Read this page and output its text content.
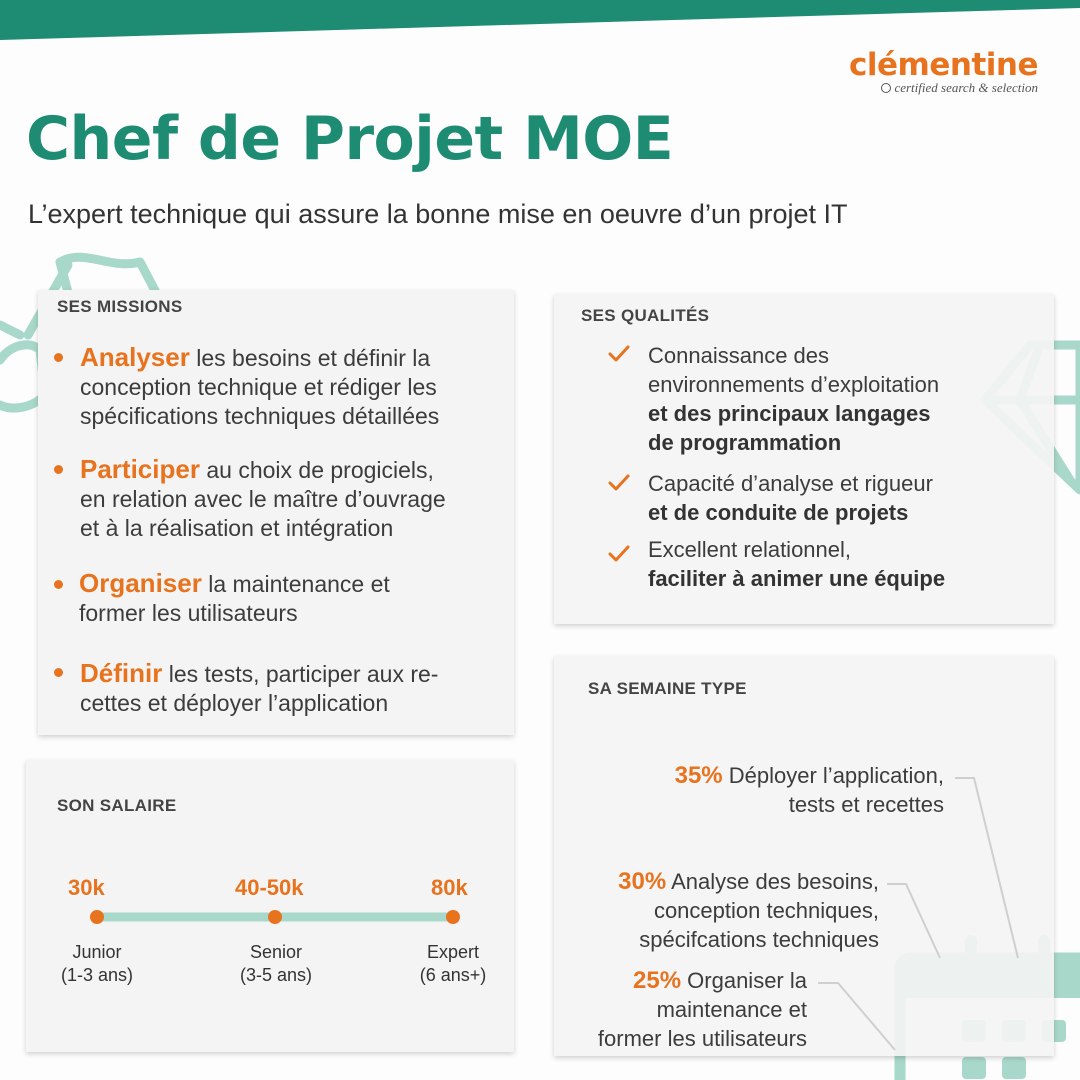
clémentine
certified search & selection
Chef de Projet MOE
L’expert technique qui assure la bonne mise en oeuvre d’un projet IT
SES MISSIONS
Analyser les besoins et définir la
conception technique et rédiger les
spécifications techniques détaillées
Participer au choix de progiciels,
en relation avec le maître d’ouvrage
et à la réalisation et intégration
Organiser la maintenance et
former les utilisateurs
Définir les tests, participer aux re-
cettes et déployer l’application
SON SALAIRE
30k	40-50k	80k
Junior
(1-3 ans)
Senior
(3-5 ans)
Expert
(6 ans+)
SES QUALITÉS
Connaissance des
environnements d’exploitation
et des principaux langages
de programmation
Capacité d’analyse et rigueur
et de conduite de projets
Excellent relationnel,
faciliter à animer une équipe
SA SEMAINE TYPE
35% Déployer l’application,
tests et recettes
30% Analyse des besoins,
conception techniques,
spécifcations techniques
25% Organiser la
maintenance et
former les utilisateurs
